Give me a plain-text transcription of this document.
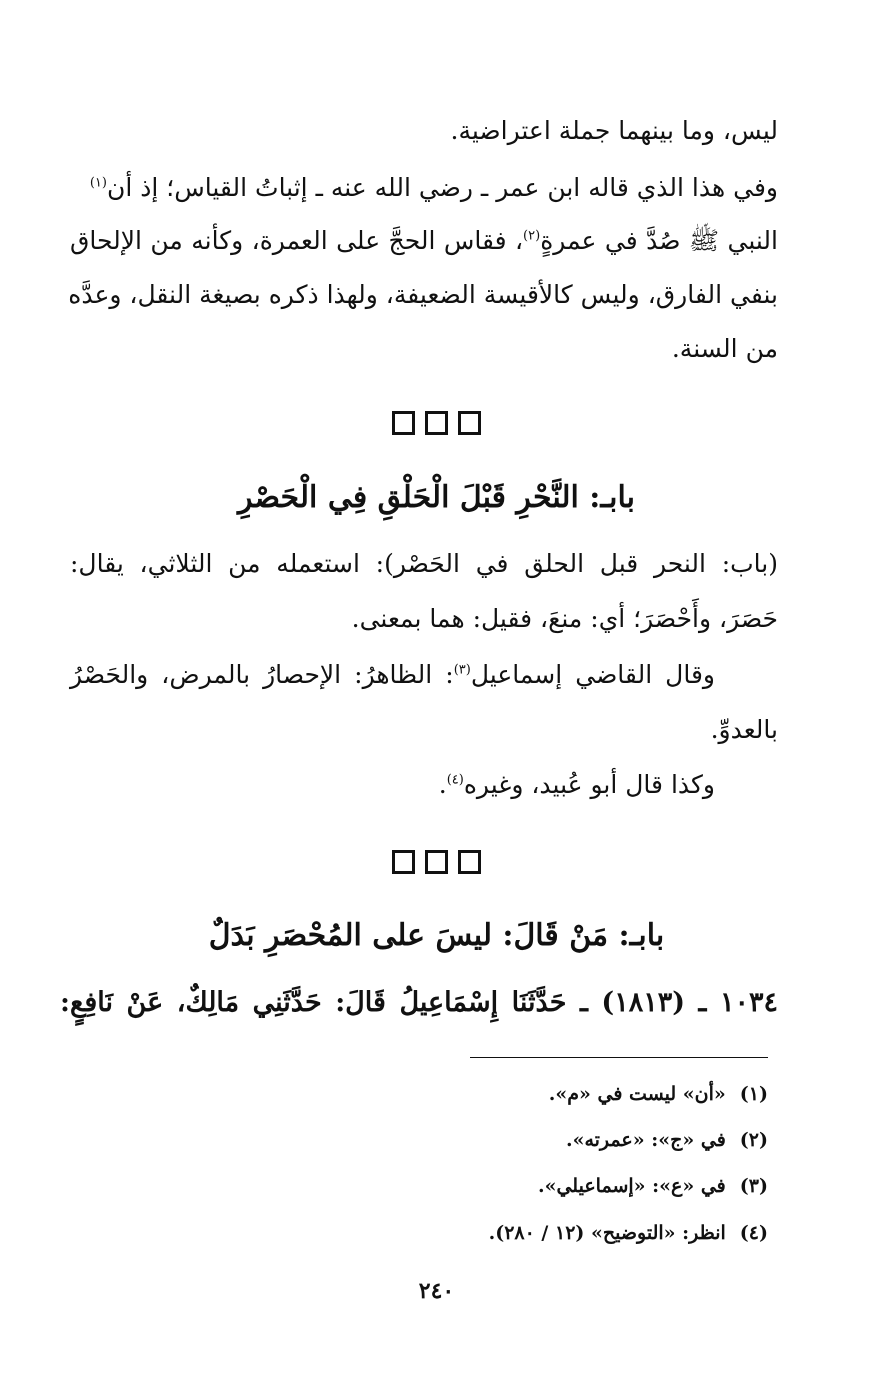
ليس، وما بينهما جملة اعتراضية.
وفي هذا الذي قاله ابن عمر ـ رضي الله عنه ـ إثباتُ القياس؛ إذ أن$^{(١)}$
النبي ﷺ صُدَّ في عمرةٍ$^{(٢)}$، فقاس الحجَّ على العمرة، وكأنه من الإلحاق
بنفي الفارق، وليس كالأقيسة الضعيفة، ولهذا ذكره بصيغة النقل، وعدَّه
من السنة.
بابـ: النَّحْرِ قَبْلَ الْحَلْقِ فِي الْحَصْرِ
(باب: النحر قبل الحلق في الحَصْر): استعمله من الثلاثي، يقال:
حَصَرَ، وأَحْصَرَ؛ أي: منعَ، فقيل: هما بمعنى.
وقال القاضي إسماعيل$^{(٣)}$: الظاهرُ: الإحصارُ بالمرض، والحَصْرُ
بالعدوِّ.
وكذا قال أبو عُبيد، وغيره$^{(٤)}$.
بابـ: مَنْ قَالَ: ليسَ على المُحْصَرِ بَدَلٌ
١٠٣٤ ـ (١٨١٣) ـ حَدَّثَنَا إِسْمَاعِيلُ قَالَ: حَدَّثَنِي مَالِكٌ، عَنْ نَافِعٍ:
(١)«أن» ليست في «م».
(٢)في «ج»: «عمرته».
(٣)في «ع»: «إسماعيلي».
(٤)انظر: «التوضيح» (١٢ / ٢٨٠).
٢٤٠
